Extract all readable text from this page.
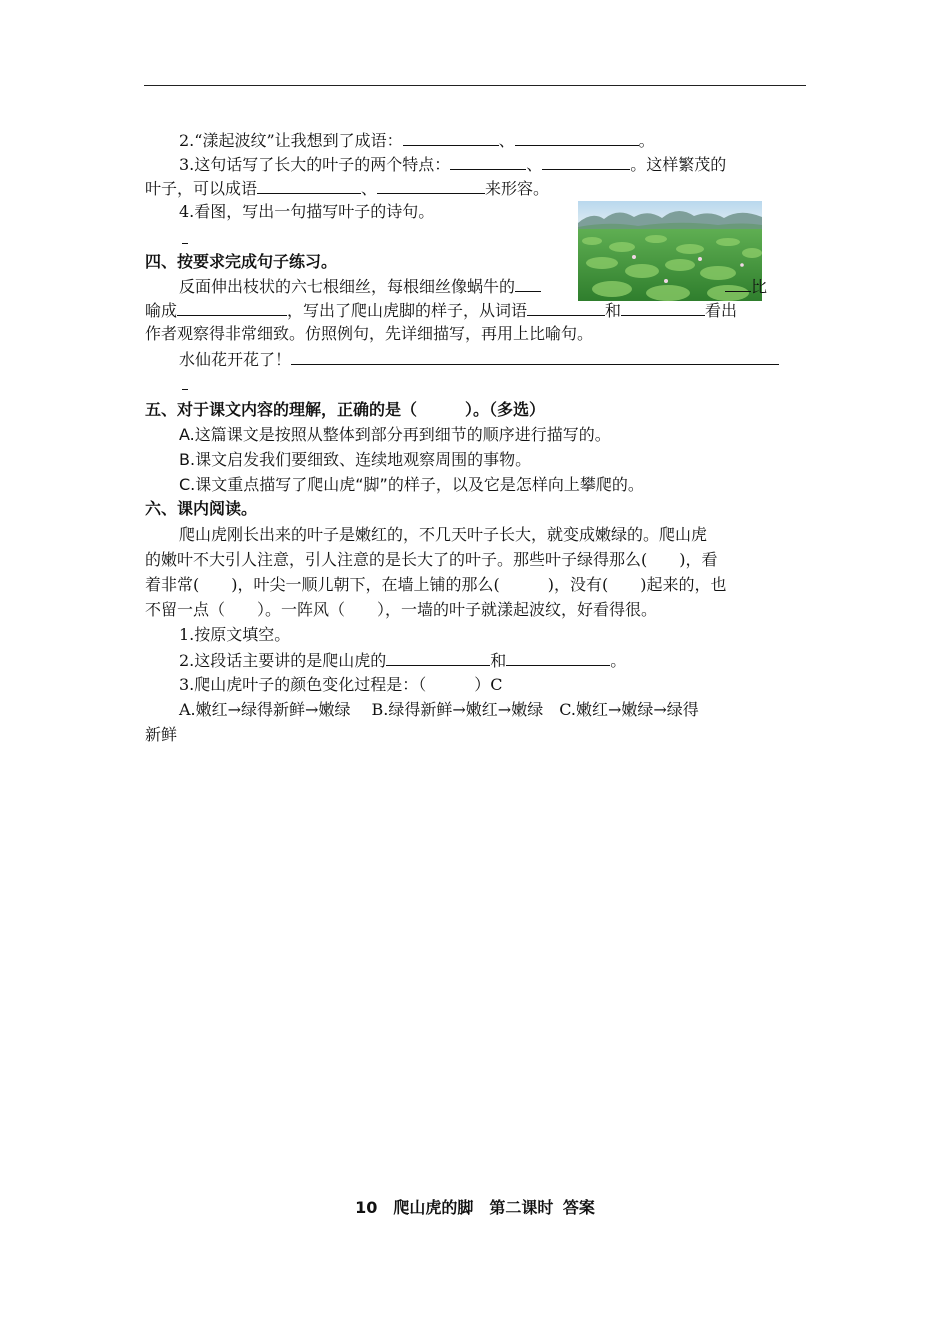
2.“漾起波纹”让我想到了成语：	、	。
3.这句话写了长大的叶子的两个特点：	、	。这样繁茂的
叶子，可以成语	、	来形容。
4.看图，写出一句描写叶子的诗句。
四、按要求完成句子练习。
反面伸出枝状的六七根细丝，每根细丝像蜗牛的	比
喻成	，写出了爬山虎脚的样子，从词语	和	看出
作者观察得非常细致。仿照例句，先详细描写，再用上比喻句。
水仙花开花了！
五、对于课文内容的理解，正确的是（　　　）。（多选）
A.这篇课文是按照从整体到部分再到细节的顺序进行描写的。
B.课文启发我们要细致、连续地观察周围的事物。
C.课文重点描写了爬山虎“脚”的样子，以及它是怎样向上攀爬的。
六、课内阅读。
爬山虎刚长出来的叶子是嫩红的，不几天叶子长大，就变成嫩绿的。爬山虎
的嫩叶不大引人注意，引人注意的是长大了的叶子。那些叶子绿得那么(　　)，看
着非常(　　)，叶尖一顺儿朝下，在墙上铺的那么(　　　)，没有(　　)起来的，也
不留一点（　　）。一阵风（　　），一墙的叶子就漾起波纹，好看得很。
1.按原文填空。
2.这段话主要讲的是爬山虎的	和	。
3.爬山虎叶子的颜色变化过程是：（　　　）C
A.嫩红→绿得新鲜→嫩绿　 B.绿得新鲜→嫩红→嫩绿　C.嫩红→嫩绿→绿得
新鲜
10　爬山虎的脚　第二课时 答案
